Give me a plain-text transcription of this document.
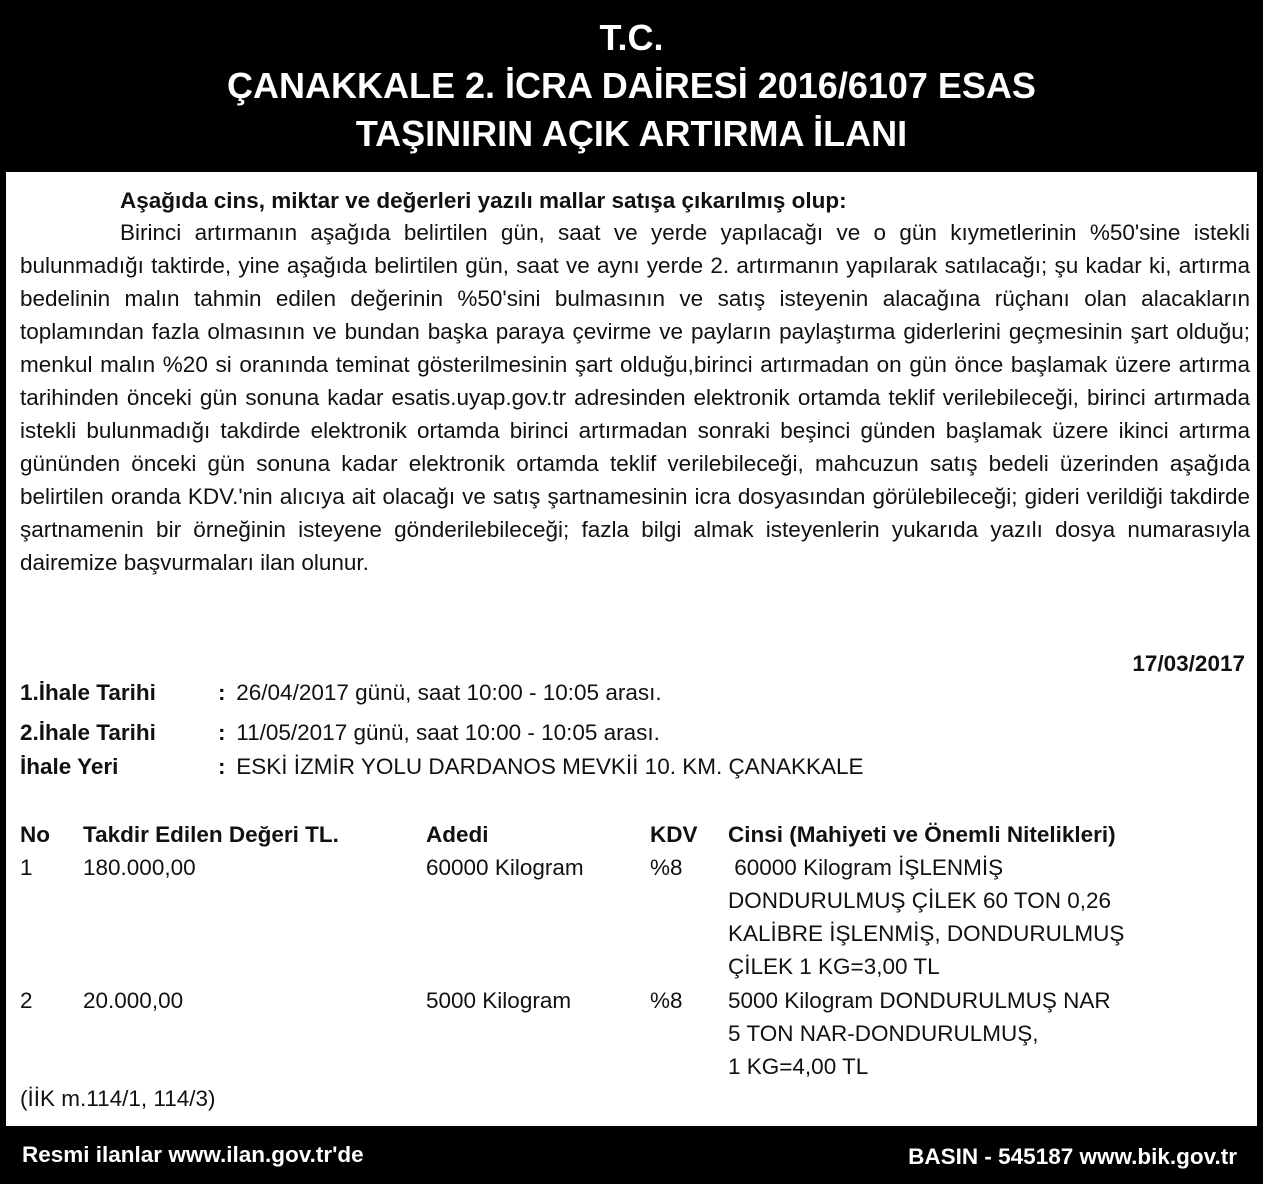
T.C.
ÇANAKKALE 2. İCRA DAİRESİ 2016/6107 ESAS
TAŞINIRIN AÇIK ARTIRMA İLANI
Aşağıda cins, miktar ve değerleri yazılı mallar satışa çıkarılmış olup:
Birinci artırmanın aşağıda belirtilen gün, saat ve yerde yapılacağı ve o gün kıymetlerinin %50'sine istekli bulunmadığı taktirde, yine aşağıda belirtilen gün, saat ve aynı yerde 2. artırmanın yapılarak satılacağı; şu kadar ki, artırma bedelinin malın tahmin edilen değerinin %50'sini bulmasının ve satış isteyenin alacağına rüçhanı olan alacakların toplamından fazla olmasının ve bundan başka paraya çevirme ve payların paylaştırma giderlerini geçmesinin şart olduğu; menkul malın %20 si oranında teminat gösterilmesinin şart olduğu,birinci artırmadan on gün önce başlamak üzere artırma tarihinden önceki gün sonuna kadar esatis.uyap.gov.tr adresinden elektronik ortamda teklif verilebileceği, birinci artırmada istekli bulunmadığı takdirde elektronik ortamda birinci artırmadan sonraki beşinci günden başlamak üzere ikinci artırma gününden önceki gün sonuna kadar elektronik ortamda teklif verilebileceği, mahcuzun satış bedeli üzerinden aşağıda belirtilen oranda KDV.'nin alıcıya ait olacağı ve satış şartnamesinin icra dosyasından görülebileceği; gideri verildiği takdirde şartnamenin bir örneğinin isteyene gönderilebileceği; fazla bilgi almak isteyenlerin yukarıda yazılı dosya numarasıyla dairemize başvurmaları ilan olunur.
17/03/2017
1.İhale Tarihi	: 26/04/2017 günü, saat 10:00 - 10:05 arası.
2.İhale Tarihi	: 11/05/2017 günü, saat 10:00 - 10:05 arası.
İhale Yeri	: ESKİ İZMİR YOLU DARDANOS MEVKİİ 10. KM. ÇANAKKALE
No Takdir Edilen Değeri TL.	Adedi	KDV Cinsi (Mahiyeti ve Önemli Nitelikleri)
1 180.000,00	60000 Kilogram	%8 60000 Kilogram İŞLENMİŞ
DONDURULMUŞ ÇİLEK 60 TON 0,26
KALİBRE İŞLENMİŞ, DONDURULMUŞ
ÇİLEK 1 KG=3,00 TL
2 20.000,00	5000 Kilogram	%8 5000 Kilogram DONDURULMUŞ NAR
5 TON NAR-DONDURULMUŞ,
1 KG=4,00 TL
(İİK m.114/1, 114/3)
Resmi ilanlar www.ilan.gov.tr'de	BASIN - 545187 www.bik.gov.tr
